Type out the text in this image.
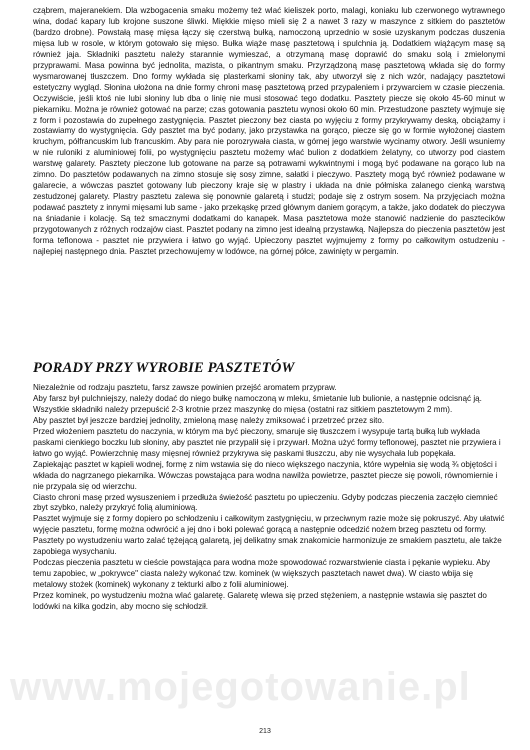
cząbrem, majeranekiem. Dla wzbogacenia smaku możemy też wlać kieliszek porto, malagi, koniaku lub czerwonego wytrawnego wina, dodać kapary lub krojone suszone śliwki. Miękkie mięso mieli się 2 a nawet 3 razy w maszynce z sitkiem do pasztetów (bardzo drobne). Powstałą masę mięsa łączy się czerstwą bułką, namoczoną uprzednio w sosie uzyskanym podczas duszenia mięsa lub w rosole, w którym gotowało się mięso. Bułka wiąże masę pasztetową i spulchnia ją. Dodatkiem wiążącym masę są również jaja. Składniki pasztetu należy starannie wymieszać, a otrzymaną masę doprawić do smaku solą i zmielonymi przyprawami. Masa powinna być jednolita, mazista, o pikantnym smaku. Przyrządzoną masę pasztetową wkłada się do formy wysmarowanej tłuszczem. Dno formy wykłada się plasterkami słoniny tak, aby utworzył się z nich wzór, nadający pasztetowi estetyczny wygląd. Słonina ułożona na dnie formy chroni masę pasztetową przed przypaleniem i przywarciem w czasie pieczenia. Oczywiście, jeśli ktoś nie lubi słoniny lub dba o linię nie musi stosować tego dodatku. Pasztety piecze się około 45-60 minut w piekarniku. Można je również gotować na parze; czas gotowania pasztetu wynosi około 60 min. Przestudzone pasztety wyjmuje się z form i pozostawia do zupełnego zastygnięcia. Pasztet pieczony bez ciasta po wyjęciu z formy przykrywamy deską, obciążamy i zostawiamy do wystygnięcia. Gdy pasztet ma być podany, jako przystawka na gorąco, piecze się go w formie wyłożonej ciastem kruchym, półfrancuskim lub francuskim. Aby para nie porozrywała ciasta, w górnej jego warstwie wycinamy otwory. Jeśli wsuniemy w nie ruloniki z aluminiowej folii, po wystygnięciu pasztetu możemy wlać bulion z dodatkiem żelatyny, co utworzy pod ciastem warstwę galarety. Pasztety pieczone lub gotowane na parze są potrawami wykwintnymi i mogą być podawane na gorąco lub na zimno. Do pasztetów podawanych na zimno stosuje się sosy zimne, sałatki i pieczywo. Pasztety mogą być również podawane w galarecie, a wówczas pasztet gotowany lub pieczony kraje się w plastry i układa na dnie półmiska zalanego cienką warstwą zestudzonej galarety. Plastry pasztetu zalewa się ponownie galaretą i studzi; podaje się z ostrym sosem. Na przyjęciach można podawać pasztety z innymi mięsami lub same - jako przekąskę przed głównym daniem gorącym, a także, jako dodatek do pieczywa na śniadanie i kolację. Są też smacznymi dodatkami do kanapek. Masa pasztetowa może stanowić nadzienie do pasztecików przygotowanych z różnych rodzajów ciast. Pasztet podany na zimno jest idealną przystawką. Najlepsza do pieczenia pasztetów jest forma teflonowa - pasztet nie przywiera i łatwo go wyjąć. Upieczony pasztet wyjmujemy z formy po całkowitym ostudzeniu - najlepiej następnego dnia. Pasztet przechowujemy w lodówce, na górnej półce, zawinięty w pergamin.

PORADY PRZY WYROBIE PASZTETÓW

Niezależnie od rodzaju pasztetu, farsz zawsze powinien przejść aromatem przypraw.
Aby farsz był pulchniejszy, należy dodać do niego bułkę namoczoną w mleku, śmietanie lub bulionie, a następnie odcisnąć ją.
Wszystkie składniki należy przepuścić 2-3 krotnie przez maszynkę do mięsa (ostatni raz sitkiem pasztetowym 2 mm).
Aby pasztet był jeszcze bardziej jednolity, zmieloną masę należy zmiksować i przetrzeć przez sito.
Przed włożeniem pasztetu do naczynia, w którym ma być pieczony, smaruje się tłuszczem i wysypuje tartą bułką lub wykłada paskami cienkiego boczku lub słoniny, aby pasztet nie przypalił się i przywarł. Można użyć formy teflonowej, pasztet nie przywiera i łatwo go wyjąć. Powierzchnię masy mięsnej również przykrywa się paskami tłuszczu, aby nie wysychała lub popękała.
Zapiekając pasztet w kąpieli wodnej, formę z nim wstawia się do nieco większego naczynia, które wypełnia się wodą ¾ objętości i wkłada do nagrzanego piekarnika. Wówczas powstająca para wodna nawilża powietrze, pasztet piecze się powoli, równomiernie i nie przypala się od wierzchu.
Ciasto chroni masę przed wysuszeniem i przedłuża świeżość pasztetu po upieczeniu. Gdyby podczas pieczenia zaczęło ciemnieć zbyt szybko, należy przykryć folią aluminiową.
Pasztet wyjmuje się z formy dopiero po schłodzeniu i całkowitym zastygnięciu, w przeciwnym razie może się pokruszyć. Aby ułatwić wyjęcie pasztetu, formę można odwrócić a jej dno i boki polewać gorącą a następnie odcedzić nożem brzeg pasztetu od formy.
Pasztety po wystudzeniu warto zalać tężejącą galaretą, jej delikatny smak znakomicie harmonizuje ze smakiem pasztetu, ale także zapobiega wysychaniu.
Podczas pieczenia pasztetu w cieście powstająca para wodna może spowodować rozwarstwienie ciasta i pękanie wypieku. Aby temu zapobiec, w „pokrywce" ciasta należy wykonać tzw. kominek (w większych pasztetach nawet dwa). W ciasto wbija się metalowy stożek (kominek) wykonany z tekturki albo z folii aluminiowej.
Przez kominek, po wystudzeniu można wlać galaretę. Galaretę wlewa się przed stężeniem, a następnie wstawia się pasztet do lodówki na kilka godzin, aby mocno się schłodził.

www.mojegotowanie.pl
213
